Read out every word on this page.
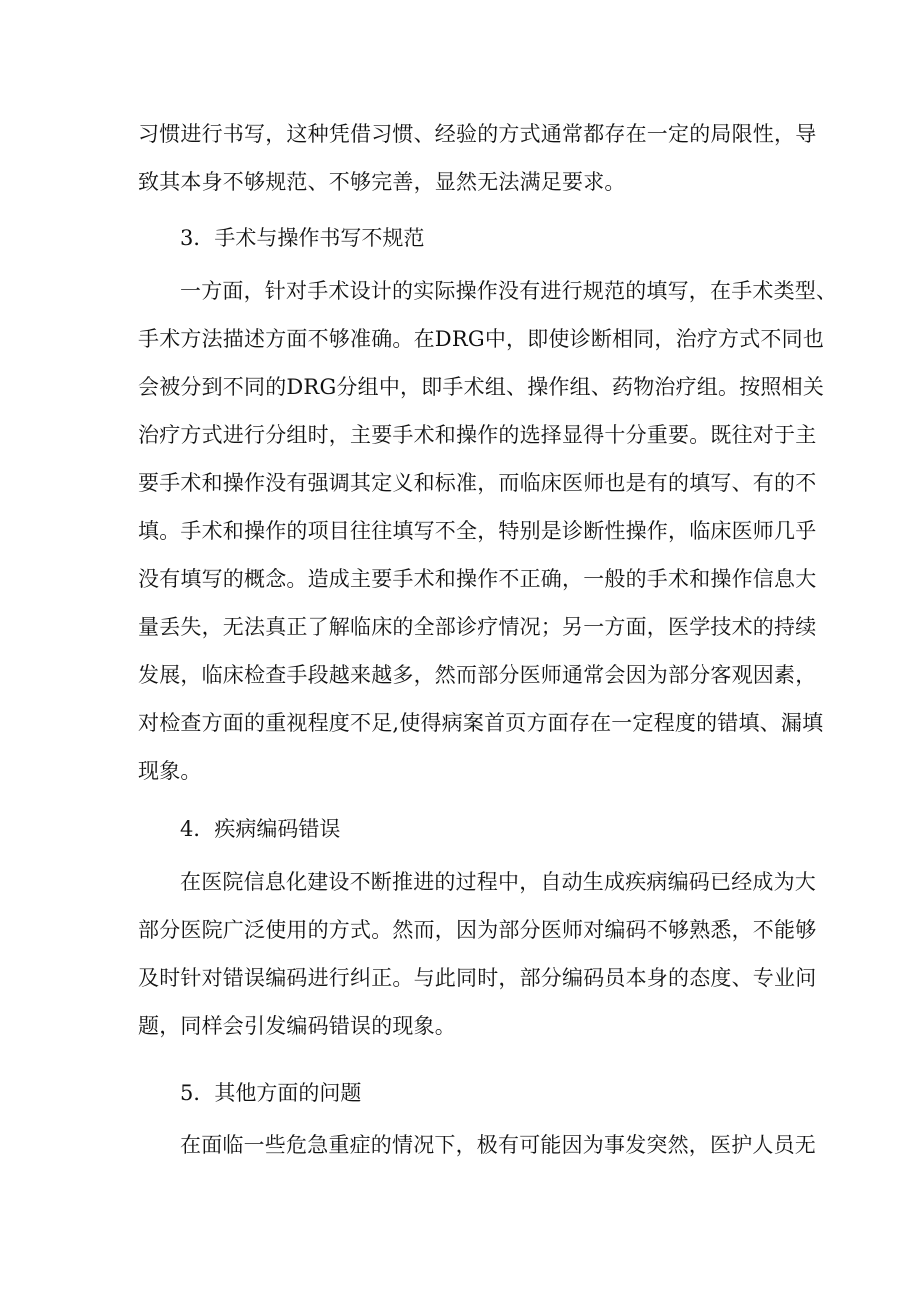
习惯进行书写，这种凭借习惯、经验的方式通常都存在一定的局限性，导
致其本身不够规范、不够完善，显然无法满足要求。
3．手术与操作书写不规范
一方面，针对手术设计的实际操作没有进行规范的填写，在手术类型、
手术方法描述方面不够准确。在DRG中，即使诊断相同，治疗方式不同也
会被分到不同的DRG分组中，即手术组、操作组、药物治疗组。按照相关
治疗方式进行分组时，主要手术和操作的选择显得十分重要。既往对于主
要手术和操作没有强调其定义和标准，而临床医师也是有的填写、有的不
填。手术和操作的项目往往填写不全，特别是诊断性操作，临床医师几乎
没有填写的概念。造成主要手术和操作不正确，一般的手术和操作信息大
量丢失，无法真正了解临床的全部诊疗情况；另一方面，医学技术的持续
发展，临床检查手段越来越多，然而部分医师通常会因为部分客观因素，
对检查方面的重视程度不足,使得病案首页方面存在一定程度的错填、漏填
现象。
4．疾病编码错误
在医院信息化建设不断推进的过程中，自动生成疾病编码已经成为大
部分医院广泛使用的方式。然而，因为部分医师对编码不够熟悉，不能够
及时针对错误编码进行纠正。与此同时，部分编码员本身的态度、专业问
题，同样会引发编码错误的现象。
5．其他方面的问题
在面临一些危急重症的情况下，极有可能因为事发突然，医护人员无
